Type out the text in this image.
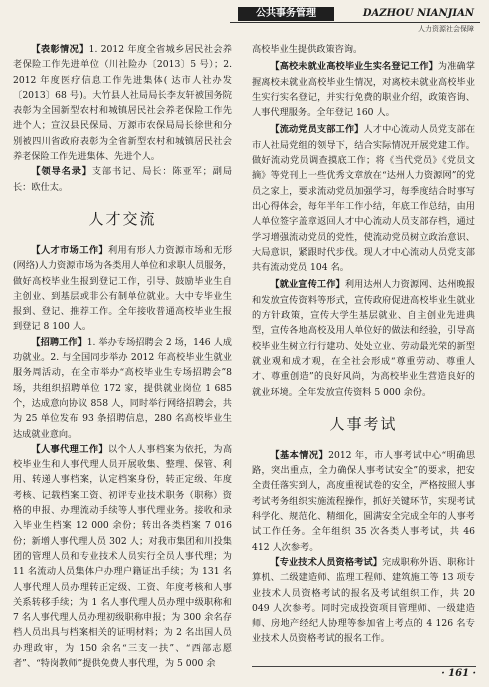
公共事务管理	DAZHOU NIANJIAN
人力资源社会保障

【表彰情况】1. 2012 年度全省城乡居民社会养老保险工作先进单位（川社险办〔2013〕5 号）；2. 2012 年度医疗信息工作先进集体( 达市人社办发〔2013〕68 号)。大竹县人社局局长李友轩被国务院表彰为全国新型农村和城镇居民社会养老保险工作先进个人；宣汉县民保局、万源市农保局局长徐世和分别被四川省政府表彰为全省新型农村和城镇居民社会养老保险工作先进集体、先进个人。

【领导名录】支部书记、局长：陈亚军；副局长：欧仕太。

人才交流

【人才市场工作】利用有形人力资源市场和无形(网络)人力资源市场为各类用人单位和求职人员服务，做好高校毕业生报到登记工作，引导、鼓励毕业生自主创业、到基层或非公有制单位就业。大中专毕业生报到、登记、推荐工作。全年接收普通高校毕业生报到登记 8 100 人。

【招聘工作】1. 举办专场招聘会 2 场，146 人成功就业。2. 与全国同步举办 2012 年高校毕业生就业服务周活动，在全市举办“高校毕业生专场招聘会”8 场，共组织招聘单位 172 家，提供就业岗位 1 685 个，达成意向协议 858 人，同时举行网络招聘会，共为 25 单位发布 93 条招聘信息，280 名高校毕业生达成就业意向。

【人事代理工作】以个人人事档案为依托，为高校毕业生和人事代理人员开展收集、整理、保管、利用、转递人事档案，认定档案身份，转正定级、年度考核、记载档案工资、初评专业技术职务（职称）资格的申报、办理流动手续等人事代理业务。接收和录入毕业生档案 12 000 余份；转出各类档案 7 016 份；新增人事代理人员 302 人；对我市集团和川投集团的管理人员和专业技术人员实行全员人事代理；为 11 名流动人员集体户办理户籍证出手续；为 131 名人事代理人员办理转正定级、工资、年度考核和人事关系转移手续；为 1 名人事代理人员办理中级职称和 7 名人事代理人员办理初级职称申报；为 300 余名存档人员出具与档案相关的证明材料；为 2 名出国人员办理政审，为 150 余名“三支一扶”、“西部志愿者”、“特岗教师”提供免费人事代理，为 5 000 余

高校毕业生提供政策咨询。

【高校未就业高校毕业生实名登记工作】为准确掌握离校未就业高校毕业生情况，对离校未就业高校毕业生实行实名登记，并实行免费的职业介绍，政策咨询、人事代理服务。全年登记 160 人。

【流动党员支部工作】人才中心流动人员党支部在市人社局党组的领导下，结合实际情况开展党建工作。做好流动党员调查摸底工作；将《当代党员》《党员文摘》等党刊上一些优秀文章放在“达州人力资源网”的党员之家上，要求流动党员加强学习，每季度结合时事写出心得体会，每年半年工作小结，年底工作总结，由用人单位签字盖章返回人才中心流动人员支部存档，通过学习增强流动党员的党性，使流动党员树立政治意识、大局意识，紧跟时代步伐。现人才中心流动人员党支部共有流动党员 104 名。

【就业宣传工作】利用达州人力资源网、达州晚报和发放宣传资料等形式，宣传政府促进高校毕业生就业的方针政策，宣传大学生基层就业、自主创业先进典型，宣传各地高校及用人单位好的做法和经验，引导高校毕业生树立行行建功、处处立业、劳动最光荣的新型就业观和成才观，在全社会形成“尊重劳动、尊重人才、尊重创造”的良好风尚，为高校毕业生营造良好的就业环境。全年发放宣传资料 5 000 余份。

人事考试

【基本情况】2012 年，市人事考试中心“明确思路，突出重点，全力确保人事考试安全”的要求，把安全责任落实到人，高度重视试卷的安全，严格按照人事考试考务组织实施流程操作，抓好关键环节，实现考试科学化、规范化、精细化，圆满安全完成全年的人事考试工作任务。全年组织 35 次各类人事考试，共 46 412 人次参考。

【专业技术人员资格考试】完成职称外语、职称计算机、二级建造师、监理工程师、建筑施工等 13 项专业技术人员资格考试的报名及考试组织工作，共 20 049 人次参考。同时完成投资项目管理师、一级建造师、房地产经纪人协理等参加省上考点的 4 126 名专业技术人员资格考试的报名工作。

· 161 ·
